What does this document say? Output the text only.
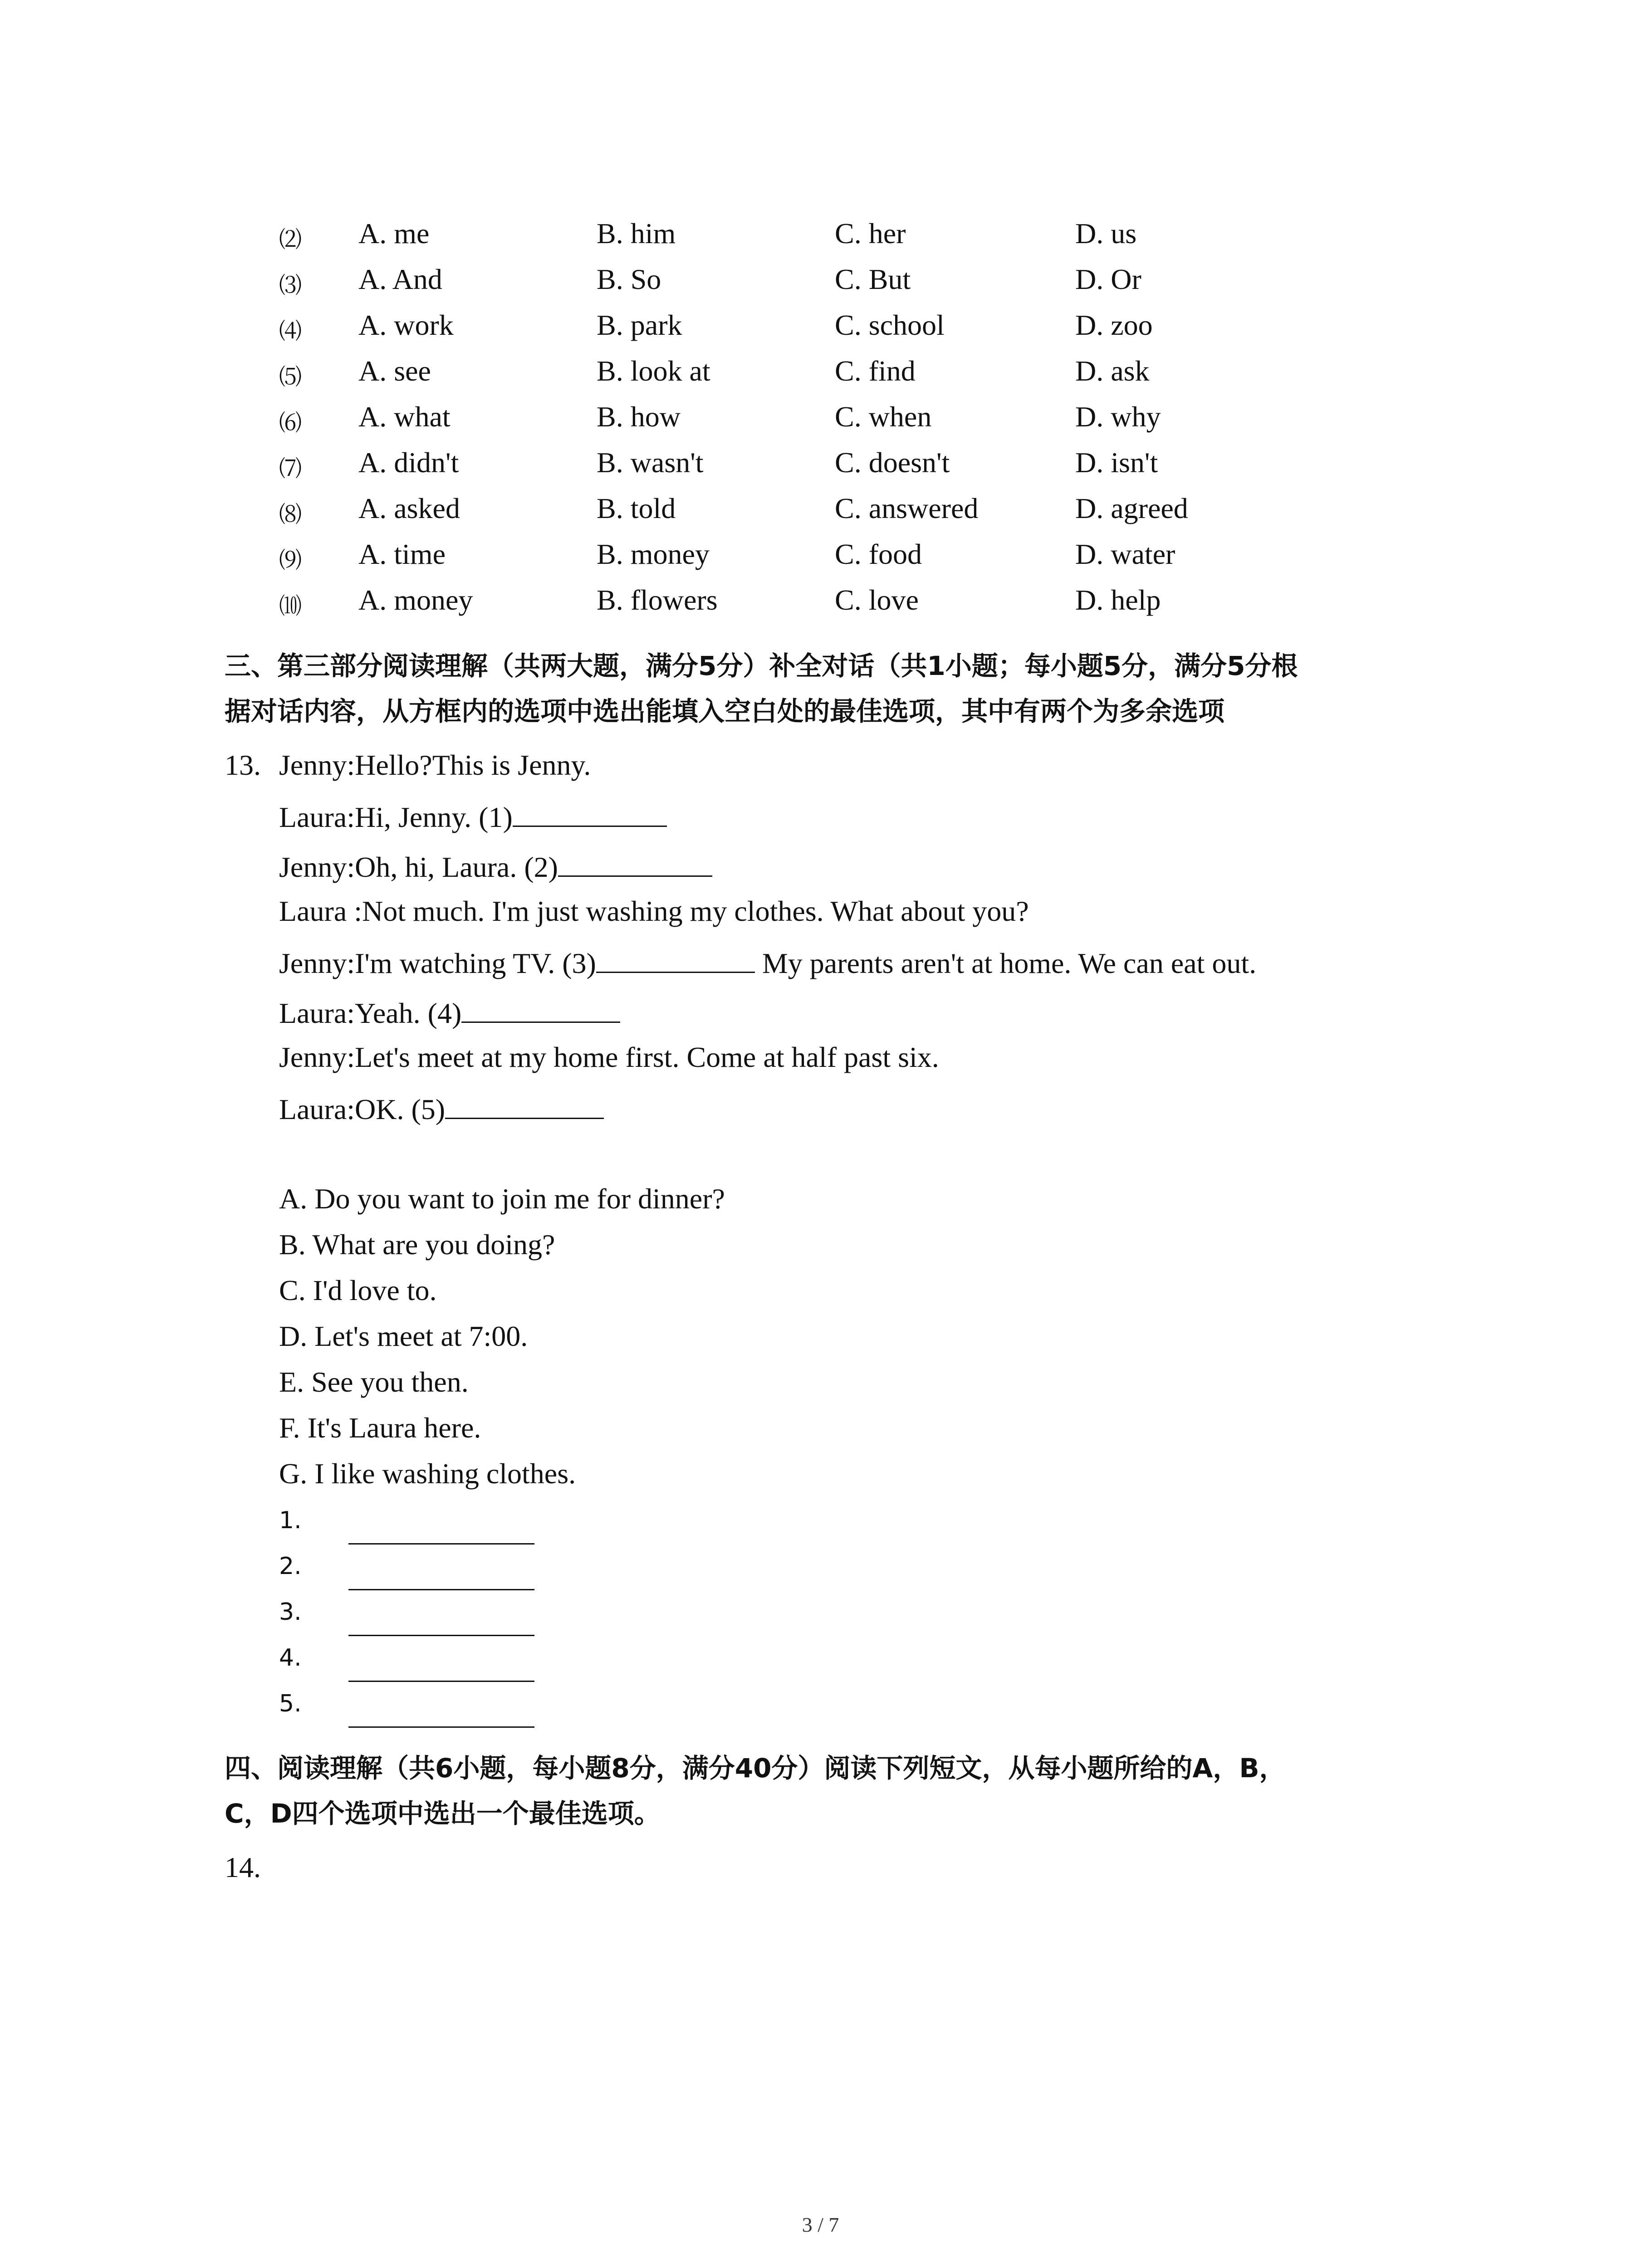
⑵ A. me	B. him	C. her	D. us
⑶ A. And	B. So	C. But	D. Or
⑷ A. work	B. park	C. school	D. zoo
⑸ A. see	B. look at	C. find	D. ask
⑹ A. what	B. how	C. when	D. why
⑺ A. didn't	B. wasn't	C. doesn't	D. isn't
⑻ A. asked	B. told	C. answered	D. agreed
⑼ A. time	B. money	C. food	D. water
⑽ A. money	B. flowers	C. love	D. help
三、第三部分阅读理解（共两大题，满分5分）补全对话（共1小题；每小题5分，满分5分根
据对话内容，从方框内的选项中选出能填入空白处的最佳选项，其中有两个为多余选项
13. Jenny:Hello?This is Jenny.
Laura:Hi, Jenny. (1)
Jenny:Oh, hi, Laura. (2)
Laura :Not much. I'm just washing my clothes. What about you?
Jenny:I'm watching TV. (3)	My parents aren't at home. We can eat out.
Laura:Yeah. (4)
Jenny:Let's meet at my home first. Come at half past six.
Laura:OK. (5)
A. Do you want to join me for dinner?
B. What are you doing?
C. I'd love to.
D. Let's meet at 7:00.
E. See you then.
F. It's Laura here.
G. I like washing clothes.
1.
2.
3.
4.
5.
四、阅读理解（共6小题，每小题8分，满分40分）阅读下列短文，从每小题所给的A，B，
C，D四个选项中选出一个最佳选项。
14.
3 / 7
